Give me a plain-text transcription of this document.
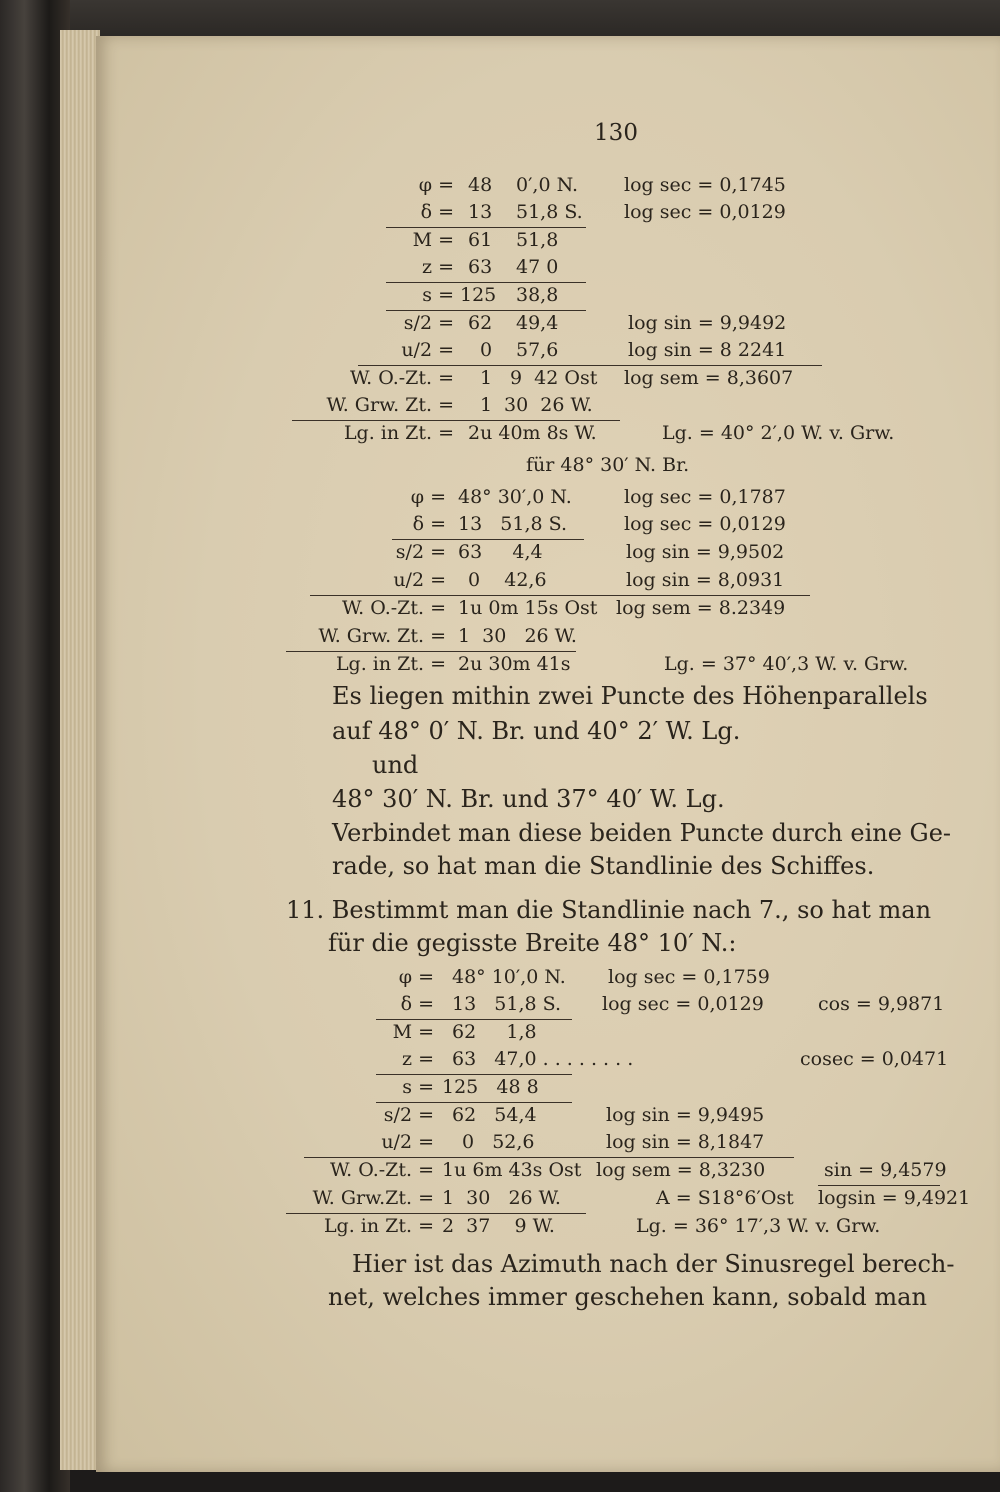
130
φ = 48 0′,0 N. log sec = 0,1745
δ = 13 51,8 S. log sec = 0,0129
M = 61 51,8
z = 63 47 0
s = 125 38,8
s/2 = 62 49,4	log sin = 9,9492
u/2 = 0 57,6	log sin = 8 2241
W. O.-Zt. = 1 9  42 Ost log sem = 8,3607
W. Grw. Zt. = 1 30  26 W.
Lg. in Zt. = 2u 40m 8s W.	Lg. = 40° 2′,0 W. v. Grw.
für 48° 30′ N. Br.
φ = 48° 30′,0 N.	log sec = 0,1787
δ = 13   51,8 S.	log sec = 0,0129
s/2 = 63     4,4	log sin = 9,9502
u/2 = 0    42,6	log sin = 8,0931
W. O.-Zt. = 1u 0m 15s Ost log sem = 8.2349
W. Grw. Zt. = 1  30   26 W.
Lg. in Zt. = 2u 30m 41s	Lg. = 37° 40′,3 W. v. Grw.
Es liegen mithin zwei Puncte des Höhenparallels
auf 48° 0′ N. Br. und 40° 2′ W. Lg.
und
48° 30′ N. Br. und 37° 40′ W. Lg.
Verbindet man diese beiden Puncte durch eine Ge-
rade, so hat man die Standlinie des Schiffes.
11. Bestimmt man die Standlinie nach 7., so hat man
für die gegisste Breite 48° 10′ N.:
φ = 48° 10′,0 N. log sec = 0,1759
δ = 13   51,8 S. log sec = 0,0129	cos = 9,9871
M = 62     1,8
z = 63   47,0 . . . . . . . .	cosec = 0,0471
s = 125   48 8
s/2 = 62   54,4	log sin = 9,9495
u/2 = 0   52,6	log sin = 8,1847
W. O.-Zt. = 1u 6m 43s Ost log sem = 8,3230	sin = 9,4579
W. Grw.Zt. = 1  30   26 W.	A = S18°6′Ost logsin = 9,4921
Lg. in Zt. = 2  37    9 W.	Lg. = 36° 17′,3 W. v. Grw.
Hier ist das Azimuth nach der Sinusregel berech-
net, welches immer geschehen kann, sobald man
